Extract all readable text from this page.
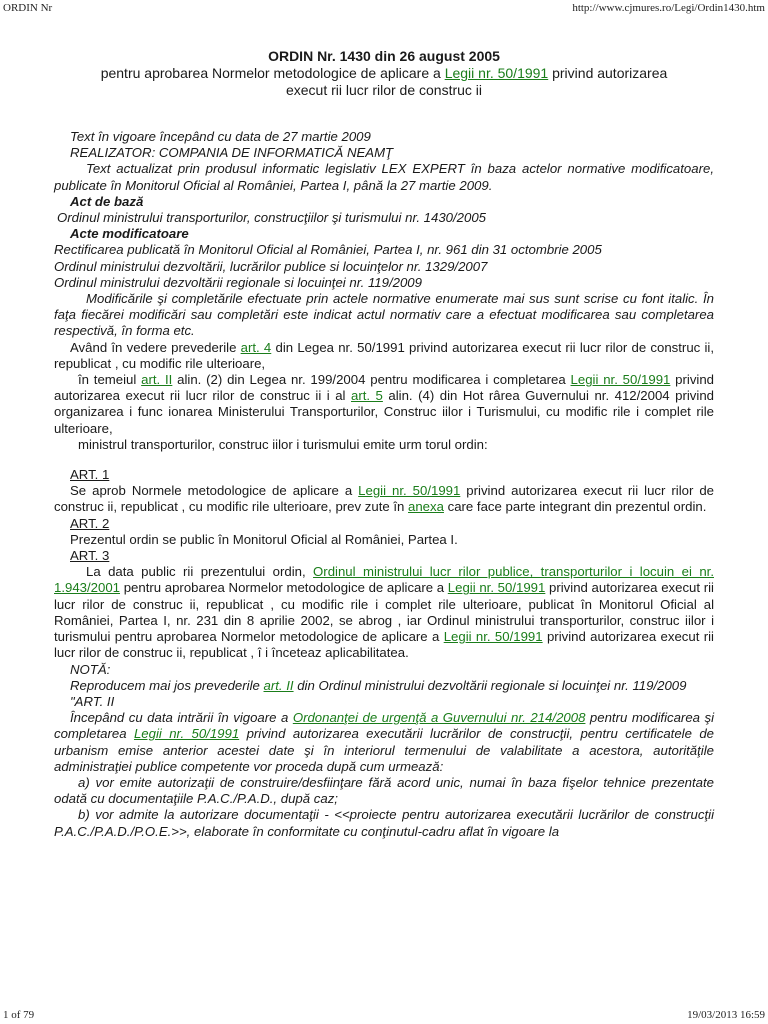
ORDIN Nr	http://www.cjmures.ro/Legi/Ordin1430.htm

ORDIN Nr. 1430 din 26 august 2005

pentru aprobarea Normelor metodologice de aplicare a Legii nr. 50/1991 privind autorizarea

execut rii lucr rilor de construc ii

Text în vigoare începând cu data de 27 martie 2009

REALIZATOR: COMPANIA DE INFORMATICĂ NEAMŢ

Text actualizat prin produsul informatic legislativ LEX EXPERT în baza actelor normative modificatoare, publicate în Monitorul Oficial al României, Partea I, până la 27 martie 2009.

Act de bază

Ordinul ministrului transporturilor, construcţiilor şi turismului nr. 1430/2005

Acte modificatoare

Rectificarea publicată în Monitorul Oficial al României, Partea I, nr. 961 din 31 octombrie 2005

Ordinul ministrului dezvoltării, lucrărilor publice si locuinţelor nr. 1329/2007

Ordinul ministrului dezvoltării regionale si locuinţei nr. 119/2009

Modificările şi completările efectuate prin actele normative enumerate mai sus sunt scrise cu font italic. În faţa fiecărei modificări sau completări este indicat actul normativ care a efectuat modificarea sau completarea respectivă, în forma etc.

Având în vedere prevederile art. 4 din Legea nr. 50/1991 privind autorizarea execut rii lucr rilor de construc ii, republicat , cu modific rile ulterioare,

în temeiul art. II alin. (2) din Legea nr. 199/2004 pentru modificarea i completarea Legii nr. 50/1991 privind autorizarea execut rii lucr rilor de construc ii i al art. 5 alin. (4) din Hot rârea Guvernului nr. 412/2004 privind organizarea i func ionarea Ministerului Transporturilor, Construc iilor i Turismului, cu modific rile i complet rile ulterioare,

ministrul transporturilor, construc iilor i turismului emite urm torul ordin:

ART. 1

Se aprob Normele metodologice de aplicare a Legii nr. 50/1991 privind autorizarea execut rii lucr rilor de construc ii, republicat , cu modific rile ulterioare, prev zute în anexa care face parte integrant din prezentul ordin.

ART. 2

Prezentul ordin se public în Monitorul Oficial al României, Partea I.

ART. 3

La data public rii prezentului ordin, Ordinul ministrului lucr rilor publice, transporturilor i locuin ei nr. 1.943/2001 pentru aprobarea Normelor metodologice de aplicare a Legii nr. 50/1991 privind autorizarea execut rii lucr rilor de construc ii, republicat , cu modific rile i complet rile ulterioare, publicat în Monitorul Oficial al României, Partea I, nr. 231 din 8 aprilie 2002, se abrog , iar Ordinul ministrului transporturilor, construc iilor i turismului pentru aprobarea Normelor metodologice de aplicare a Legii nr. 50/1991 privind autorizarea execut rii lucr rilor de construc ii, republicat , î i înceteaz aplicabilitatea.

NOTĂ:

Reproducem mai jos prevederile art. II din Ordinul ministrului dezvoltării regionale si locuinţei nr. 119/2009

"ART. II

Începând cu data intrării în vigoare a Ordonanţei de urgenţă a Guvernului nr. 214/2008 pentru modificarea şi completarea Legii nr. 50/1991 privind autorizarea executării lucrărilor de construcţii, pentru certificatele de urbanism emise anterior acestei date şi în interiorul termenului de valabilitate a acestora, autorităţile administraţiei publice competente vor proceda după cum urmează:

a) vor emite autorizaţii de construire/desfiinţare fără acord unic, numai în baza fişelor tehnice prezentate odată cu documentaţiile P.A.C./P.A.D., după caz;

b) vor admite la autorizare documentaţii - <<proiecte pentru autorizarea executării lucrărilor de construcţii P.A.C./P.A.D./P.O.E.>>, elaborate în conformitate cu conţinutul-cadru aflat în vigoare la

1 of 79	19/03/2013 16:59
